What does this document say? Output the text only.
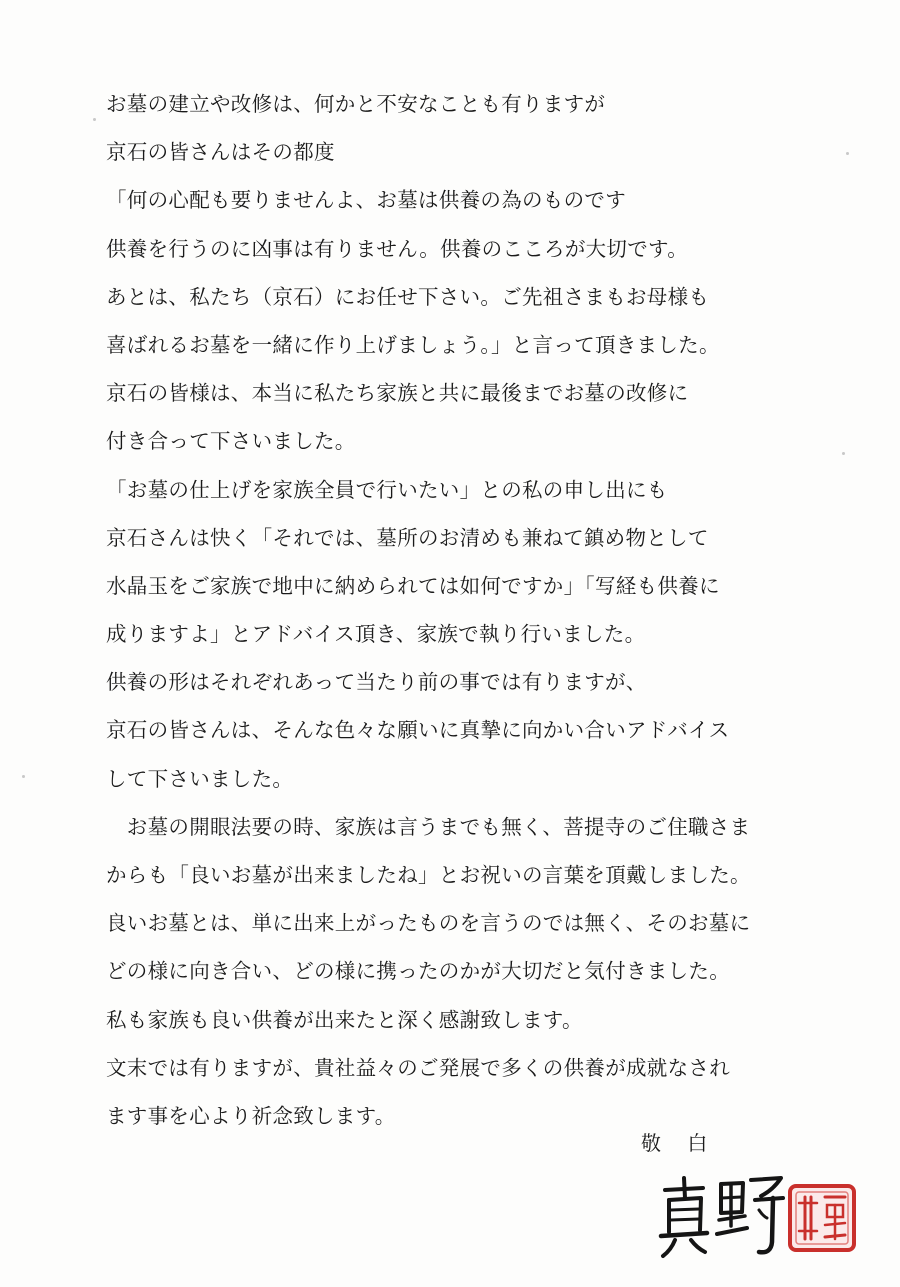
お墓の建立や改修は、何かと不安なことも有りますが
京石の皆さんはその都度
「何の心配も要りませんよ、お墓は供養の為のものです
供養を行うのに凶事は有りません。供養のこころが大切です。
あとは、私たち（京石）にお任せ下さい。ご先祖さまもお母様も
喜ばれるお墓を一緒に作り上げましょう。」と言って頂きました。
京石の皆様は、本当に私たち家族と共に最後までお墓の改修に
付き合って下さいました。
「お墓の仕上げを家族全員で行いたい」との私の申し出にも
京石さんは快く「それでは、墓所のお清めも兼ねて鎮め物として
水晶玉をご家族で地中に納められては如何ですか」「写経も供養に
成りますよ」とアドバイス頂き、家族で執り行いました。
供養の形はそれぞれあって当たり前の事では有りますが、
京石の皆さんは、そんな色々な願いに真摯に向かい合いアドバイス
して下さいました。
　お墓の開眼法要の時、家族は言うまでも無く、菩提寺のご住職さま
からも「良いお墓が出来ましたね」とお祝いの言葉を頂戴しました。
良いお墓とは、単に出来上がったものを言うのでは無く、そのお墓に
どの様に向き合い、どの様に携ったのかが大切だと気付きました。
私も家族も良い供養が出来たと深く感謝致します。
文末では有りますが、貴社益々のご発展で多くの供養が成就なされ
ます事を心より祈念致します。
敬 白
